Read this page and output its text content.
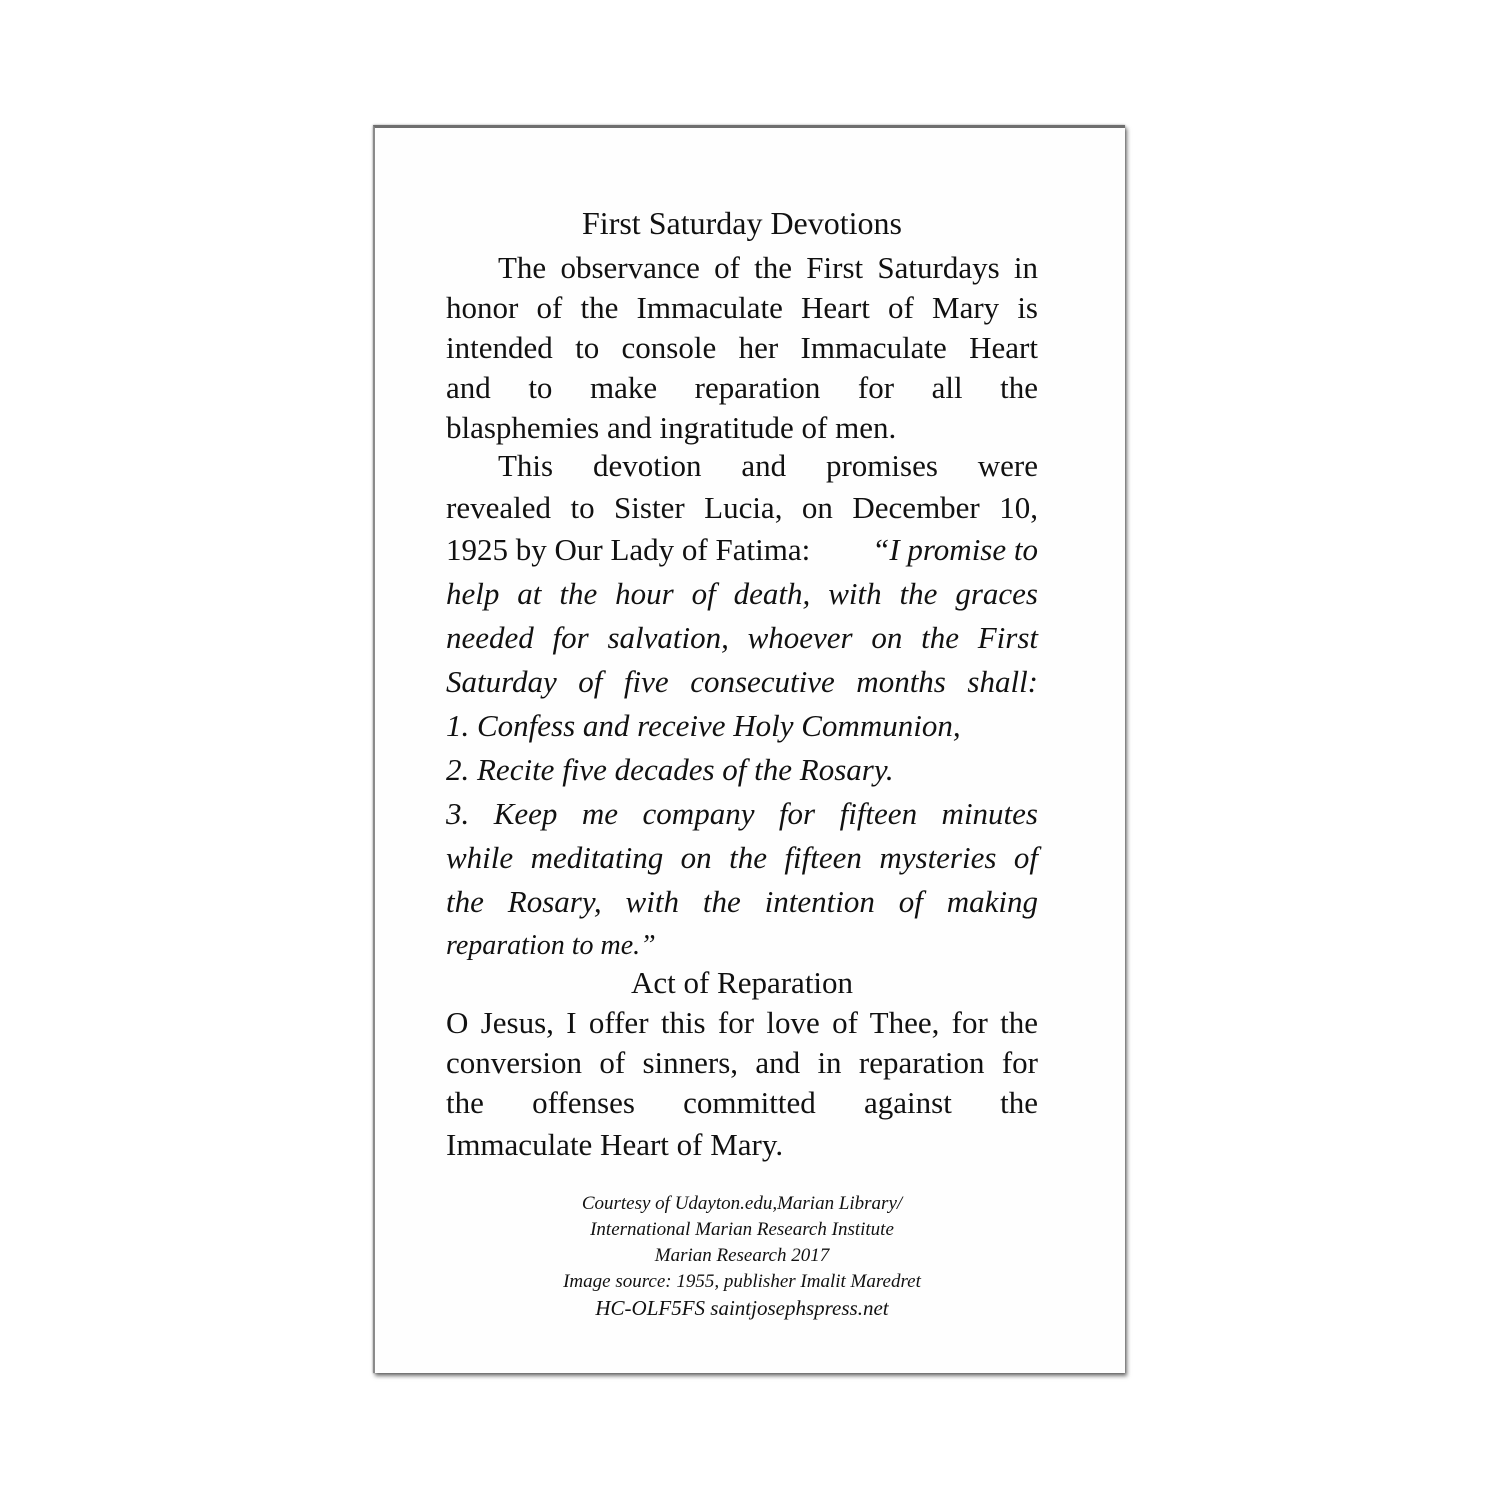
First Saturday Devotions
The observance of the First Saturdays in
honor of the Immaculate Heart of Mary is
intended to console her Immaculate Heart
and to make reparation for all the
blasphemies and ingratitude of men.
This devotion and promises were
revealed to Sister Lucia, on December 10,
1925 by Our Lady of Fatima: “I promise to
help at the hour of death, with the graces
needed for salvation, whoever on the First
Saturday of five consecutive months shall:
1. Confess and receive Holy Communion,
2. Recite five decades of the Rosary.
3. Keep me company for fifteen minutes
while meditating on the fifteen mysteries of
the Rosary, with the intention of making
reparation to me.”
Act of Reparation
O Jesus, I offer this for love of Thee, for the
conversion of sinners, and in reparation for
the offenses committed against the
Immaculate Heart of Mary.
Courtesy of Udayton.edu,Marian Library/
International Marian Research Institute
Marian Research 2017
Image source: 1955, publisher Imalit Maredret
HC-OLF5FS saintjosephspress.net
